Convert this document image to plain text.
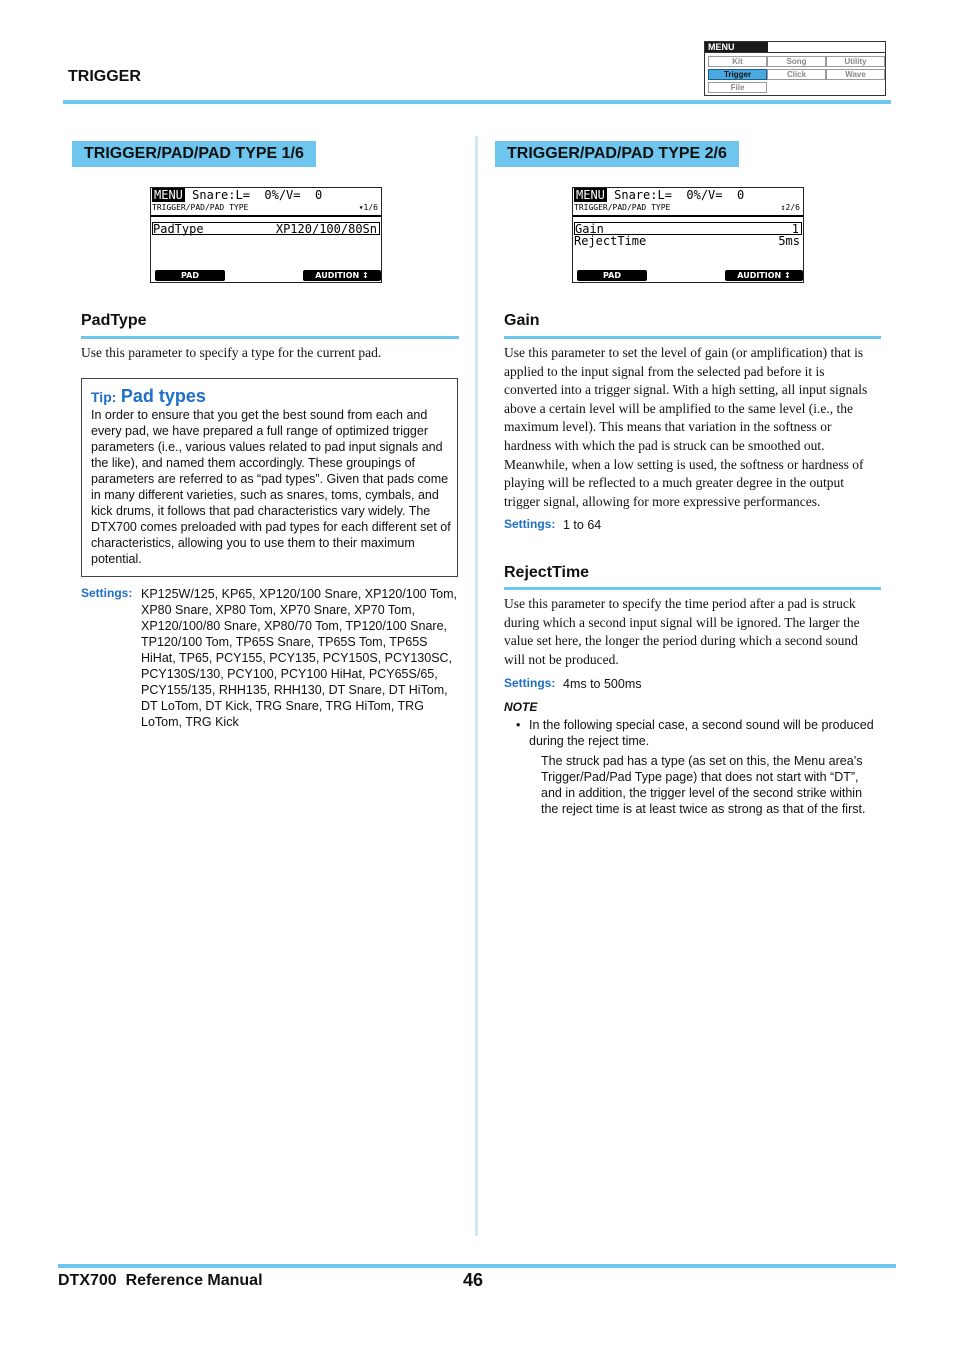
TRIGGER
MENU
Kit	Song	Utility
Trigger	Click	Wave
File
TRIGGER/PAD/PAD TYPE 1/6
MENU Snare:L=  0%/V=  0
TRIGGER/PAD/PAD TYPE	▾1/6
PadType	XP120/100/80Sn
PAD	AUDITION ↕
PadType
Use this parameter to specify a type for the current pad.
Tip: Pad types
In order to ensure that you get the best sound from each and every pad, we have prepared a full range of optimized trigger parameters (i.e., various values related to pad input signals and the like), and named them accordingly. These groupings of parameters are referred to as “pad types”. Given that pads come in many different varieties, such as snares, toms, cymbals, and kick drums, it follows that pad characteristics vary widely. The DTX700 comes preloaded with pad types for each different set of characteristics, allowing you to use them to their maximum potential.
Settings: KP125W/125, KP65, XP120/100 Snare, XP120/100 Tom, XP80 Snare, XP80 Tom, XP70 Snare, XP70 Tom, XP120/100/80 Snare, XP80/70 Tom, TP120/100 Snare, TP120/100 Tom, TP65S Snare, TP65S Tom, TP65S HiHat, TP65, PCY155, PCY135, PCY150S, PCY130SC, PCY130S/130, PCY100, PCY100 HiHat, PCY65S/65, PCY155/135, RHH135, RHH130, DT Snare, DT HiTom, DT LoTom, DT Kick, TRG Snare, TRG HiTom, TRG LoTom, TRG Kick
TRIGGER/PAD/PAD TYPE 2/6
MENU Snare:L=  0%/V=  0
TRIGGER/PAD/PAD TYPE	↕2/6
Gain	1
RejectTime	5ms
PAD	AUDITION ↕
Gain
Use this parameter to set the level of gain (or amplification) that is applied to the input signal from the selected pad before it is converted into a trigger signal. With a high setting, all input signals above a certain level will be amplified to the same level (i.e., the maximum level). This means that variation in the softness or hardness with which the pad is struck can be smoothed out. Meanwhile, when a low setting is used, the softness or hardness of playing will be reflected to a much greater degree in the output trigger signal, allowing for more expressive performances.
Settings: 1 to 64
RejectTime
Use this parameter to specify the time period after a pad is struck during which a second input signal will be ignored. The larger the value set here, the longer the period during which a second sound will not be produced.
Settings: 4ms to 500ms
NOTE
• In the following special case, a second sound will be produced during the reject time.
The struck pad has a type (as set on this, the Menu area’s Trigger/Pad/Pad Type page) that does not start with “DT”, and in addition, the trigger level of the second strike within the reject time is at least twice as strong as that of the first.
DTX700  Reference Manual	46
